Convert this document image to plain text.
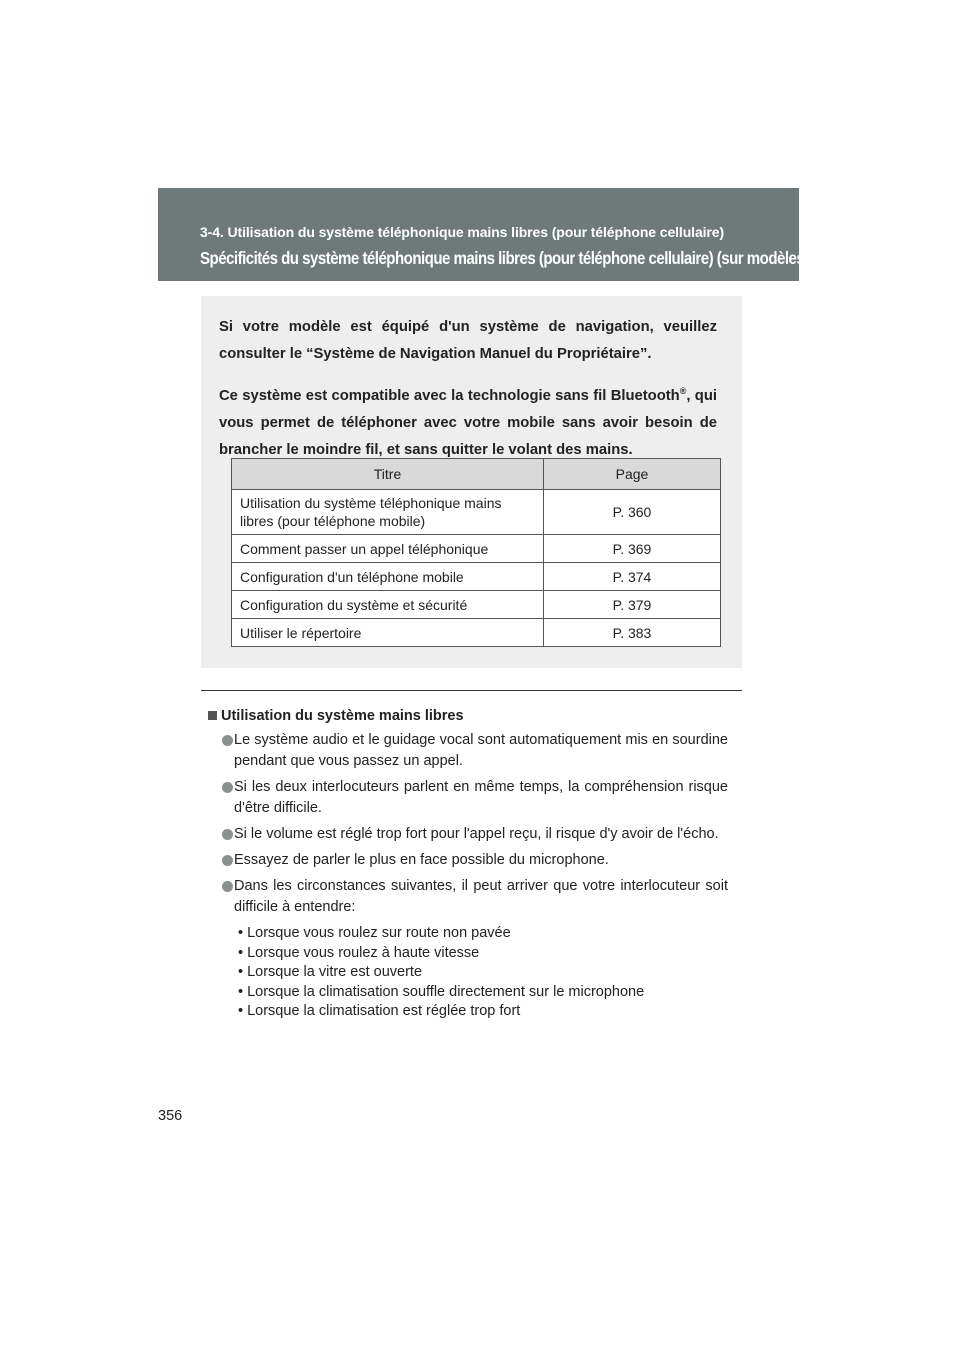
3-4. Utilisation du système téléphonique mains libres (pour téléphone cellulaire)
Spécificités du système téléphonique mains libres (pour téléphone cellulaire) (sur modèles équipés)

Si votre modèle est équipé d'un système de navigation, veuillez consulter le “Système de Navigation Manuel du Propriétaire”.

Ce système est compatible avec la technologie sans fil Bluetooth®, qui vous permet de téléphoner avec votre mobile sans avoir besoin de brancher le moindre fil, et sans quitter le volant des mains.

Titre	Page
Utilisation du système téléphonique mains libres (pour téléphone mobile)	P. 360
Comment passer un appel téléphonique	P. 369
Configuration d'un téléphone mobile	P. 374
Configuration du système et sécurité	P. 379
Utiliser le répertoire	P. 383
Utilisation du système mains libres
Le système audio et le guidage vocal sont automatiquement mis en sourdine pendant que vous passez un appel.
Si les deux interlocuteurs parlent en même temps, la compréhension risque d'être difficile.
Si le volume est réglé trop fort pour l'appel reçu, il risque d'y avoir de l'écho.
Essayez de parler le plus en face possible du microphone.
Dans les circonstances suivantes, il peut arriver que votre interlocuteur soit difficile à entendre:
• Lorsque vous roulez sur route non pavée
• Lorsque vous roulez à haute vitesse
• Lorsque la vitre est ouverte
• Lorsque la climatisation souffle directement sur le microphone
• Lorsque la climatisation est réglée trop fort
356
